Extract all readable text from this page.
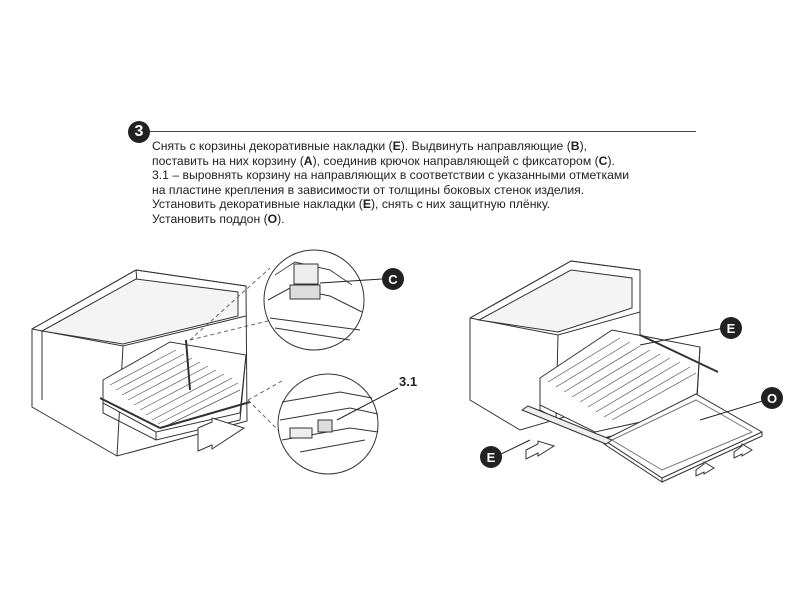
3
Снять с корзины декоративные накладки (Е). Выдвинуть направляющие (В),
поставить на них корзину (А), соединив крючок направляющей с фиксатором (С).
3.1 – выровнять корзину на направляющих в соответствии с указанными отметками
на пластине крепления в зависимости от толщины боковых стенок изделия.
Установить декоративные накладки (Е), снять с них защитную плёнку.
Установить поддон (О).
C
3.1
E
O
E
